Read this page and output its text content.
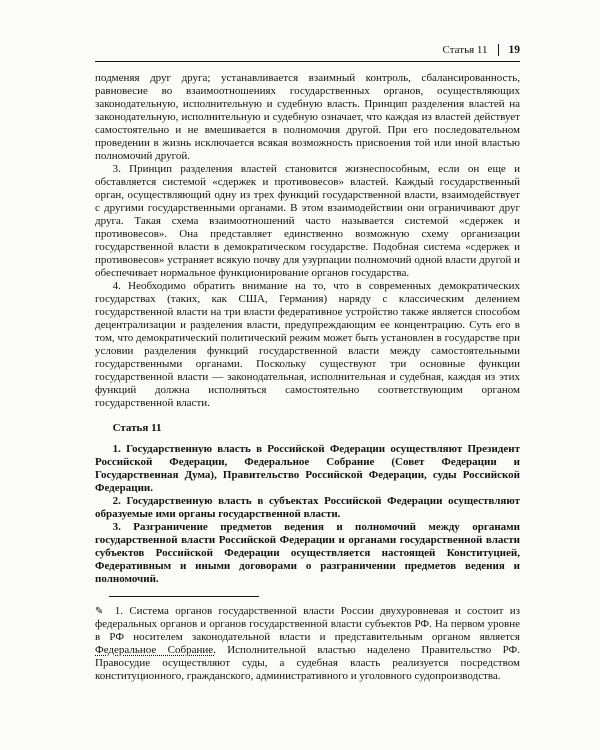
Статья 11 19

подменяя друг друга; устанавливается взаимный контроль, сбалансированность, равновесие во взаимоотношениях государственных органов, осуществляющих законодательную, исполнительную и судебную власть. Принцип разделения властей на законодательную, исполнительную и судебную означает, что каждая из властей действует самостоятельно и не вмешивается в полномочия другой. При его последовательном проведении в жизнь исключается всякая возможность присвоения той или иной властью полномочий другой.

3. Принцип разделения властей становится жизнеспособным, если он еще и обставляется системой «сдержек и противовесов» властей. Каждый государственный орган, осуществляющий одну из трех функций государственной власти, взаимодействует с другими государственными органами. В этом взаимодействии они ограничивают друг друга. Такая схема взаимоотношений часто называется системой «сдержек и противовесов». Она представляет единственно возможную схему организации государственной власти в демократическом государстве. Подобная система «сдержек и противовесов» устраняет всякую почву для узурпации полномочий одной власти другой и обеспечивает нормальное функционирование органов государства.

4. Необходимо обратить внимание на то, что в современных демократических государствах (таких, как США, Германия) наряду с классическим делением государственной власти на три власти федеративное устройство также является способом децентрализации и разделения власти, предупреждающим ее концентрацию. Суть его в том, что демократический политический режим может быть установлен в государстве при условии разделения функций государственной власти между самостоятельными государственными органами. Поскольку существуют три основные функции государственной власти — законодательная, исполнительная и судебная, каждая из этих функций должна исполняться самостоятельно соответствующим органом государственной власти.

Статья 11

1. Государственную власть в Российской Федерации осуществляют Президент Российской Федерации, Федеральное Собрание (Совет Федерации и Государственная Дума), Правительство Российской Федерации, суды Российской Федерации.

2. Государственную власть в субъектах Российской Федерации осуществляют образуемые ими органы государственной власти.

3. Разграничение предметов ведения и полномочий между органами государственной власти Российской Федерации и органами государственной власти субъектов Российской Федерации осуществляется настоящей Конституцией, Федеративным и иными договорами о разграничении предметов ведения и полномочий.

✎ 1. Система органов государственной власти России двухуровневая и состоит из федеральных органов и органов государственной власти субъектов РФ. На первом уровне в РФ носителем законодательной власти и представительным органом является Федеральное Собрание. Исполнительной властью наделено Правительство РФ. Правосудие осуществляют суды, а судебная власть реализуется посредством конституционного, гражданского, административного и уголовного судопроизводства.
